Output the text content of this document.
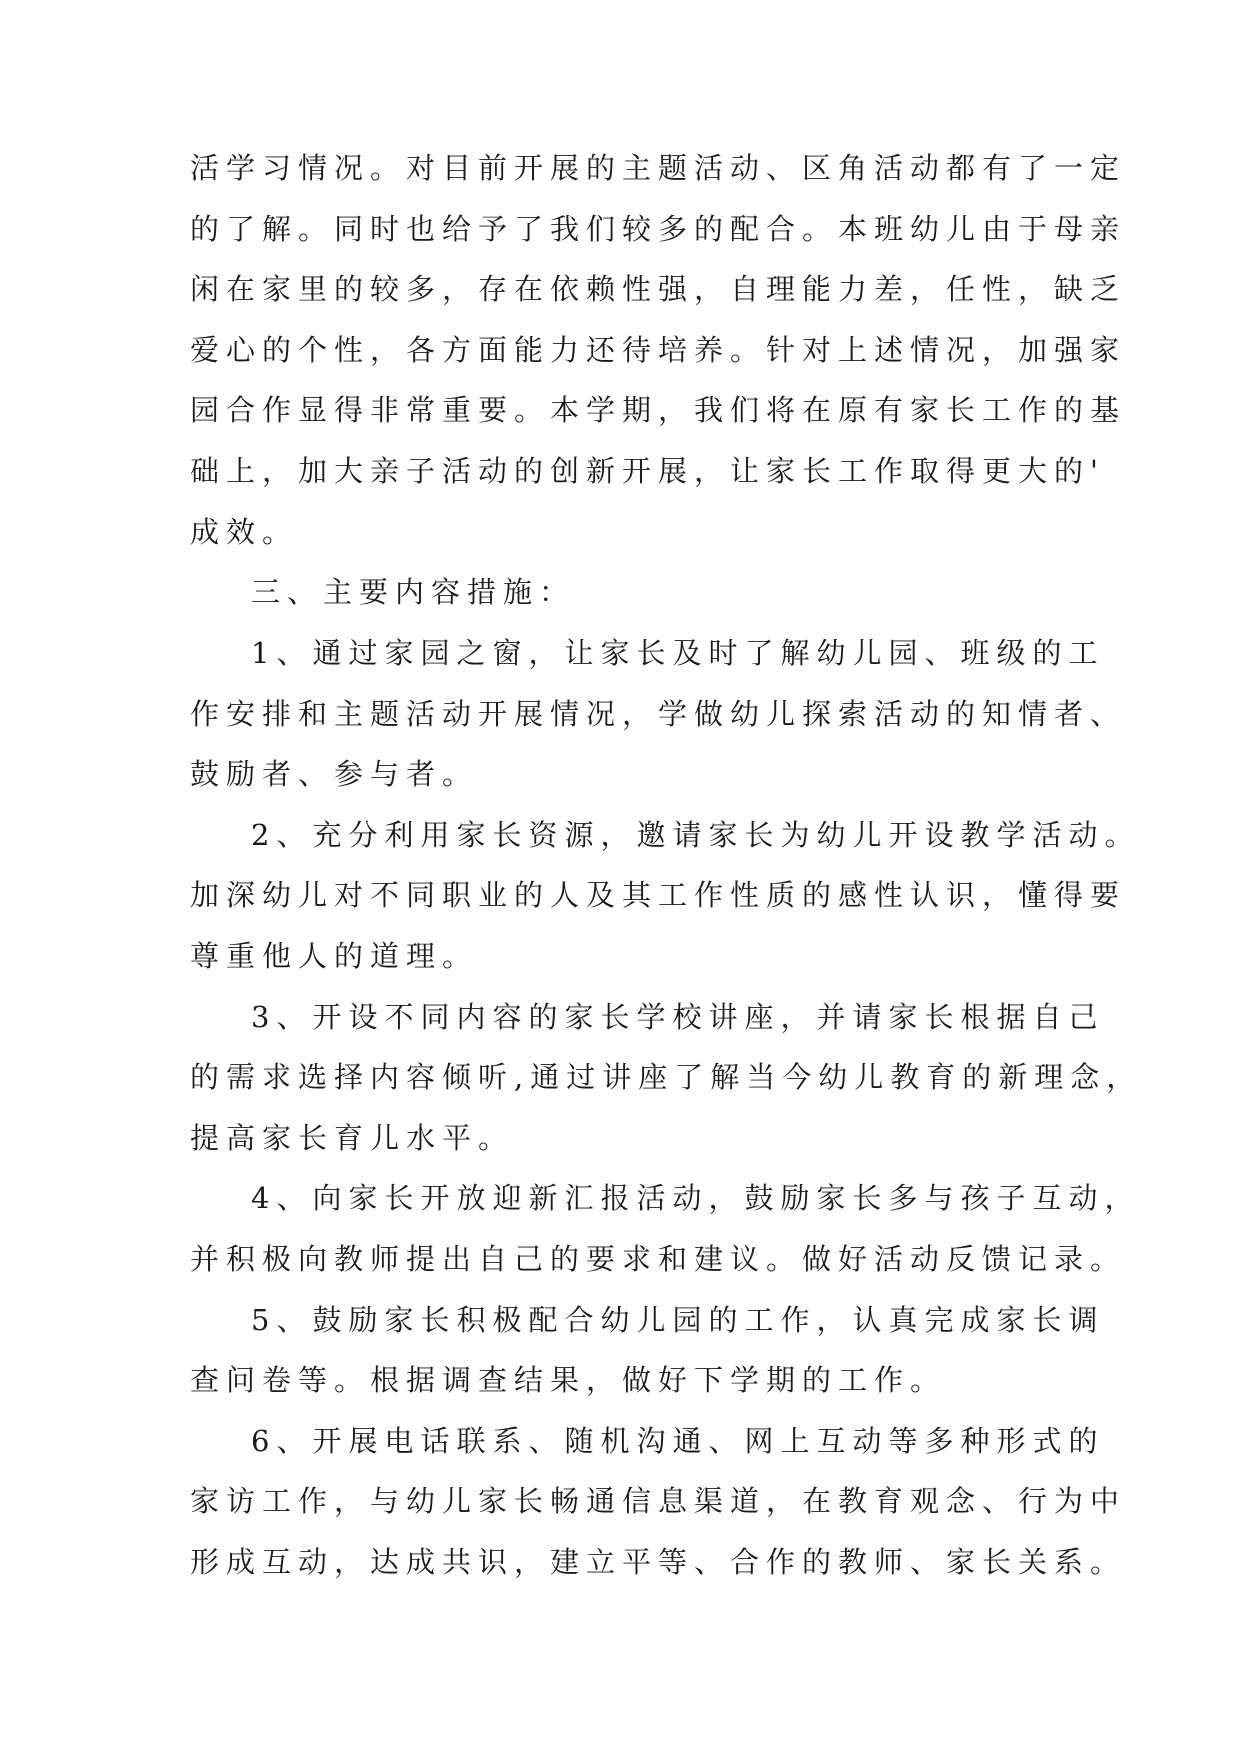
活学习情况。对目前开展的主题活动、区角活动都有了一定
的了解。同时也给予了我们较多的配合。本班幼儿由于母亲
闲在家里的较多，存在依赖性强，自理能力差，任性，缺乏
爱心的个性，各方面能力还待培养。针对上述情况，加强家
园合作显得非常重要。本学期，我们将在原有家长工作的基
础上，加大亲子活动的创新开展，让家长工作取得更大的'
成效。
三、主要内容措施：
1、通过家园之窗，让家长及时了解幼儿园、班级的工
作安排和主题活动开展情况，学做幼儿探索活动的知情者、
鼓励者、参与者。
2、充分利用家长资源，邀请家长为幼儿开设教学活动。
加深幼儿对不同职业的人及其工作性质的感性认识，懂得要
尊重他人的道理。
3、开设不同内容的家长学校讲座，并请家长根据自己
的需求选择内容倾听,通过讲座了解当今幼儿教育的新理念，
提高家长育儿水平。
4、向家长开放迎新汇报活动，鼓励家长多与孩子互动，
并积极向教师提出自己的要求和建议。做好活动反馈记录。
5、鼓励家长积极配合幼儿园的工作，认真完成家长调
查问卷等。根据调查结果，做好下学期的工作。
6、开展电话联系、随机沟通、网上互动等多种形式的
家访工作，与幼儿家长畅通信息渠道，在教育观念、行为中
形成互动，达成共识，建立平等、合作的教师、家长关系。
